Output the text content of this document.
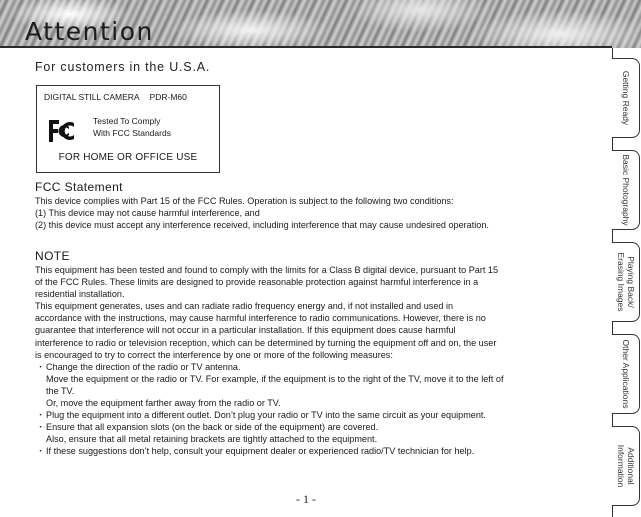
Attention
For customers in the U.S.A.
DIGITAL STILL CAMERA PDR-M60
Tested To Comply
With FCC Standards
FOR HOME OR OFFICE USE
FCC Statement
This device complies with Part 15 of the FCC Rules. Operation is subject to the following two conditions:
(1) This device may not cause harmful interference, and
(2) this device must accept any interference received, including interference that may cause undesired operation.
NOTE
This equipment has been tested and found to comply with the limits for a Class B digital device, pursuant to Part 15
of the FCC Rules. These limits are designed to provide reasonable protection against harmful interference in a
residential installation.
This equipment generates, uses and can radiate radio frequency energy and, if not installed and used in
accordance with the instructions, may cause harmful interference to radio communications. However, there is no
guarantee that interference will not occur in a particular installation. If this equipment does cause harmful
interference to radio or television reception, which can be determined by turning the equipment off and on, the user
is encouraged to try to correct the interference by one or more of the following measures:
・ Change the direction of the radio or TV antenna.
Move the equipment or the radio or TV. For example, if the equipment is to the right of the TV, move it to the left of
the TV.
Or, move the equipment farther away from the radio or TV.
・ Plug the equipment into a different outlet. Don’t plug your radio or TV into the same circuit as your equipment.
・ Ensure that all expansion slots (on the back or side of the equipment) are covered.
Also, ensure that all metal retaining brackets are tightly attached to the equipment.
・ If these suggestions don’t help, consult your equipment dealer or experienced radio/TV technician for help.
- 1 -
Getting Ready
Basic Photography
Playing Back/ Erasing Images
Other Applications
Additional Information
